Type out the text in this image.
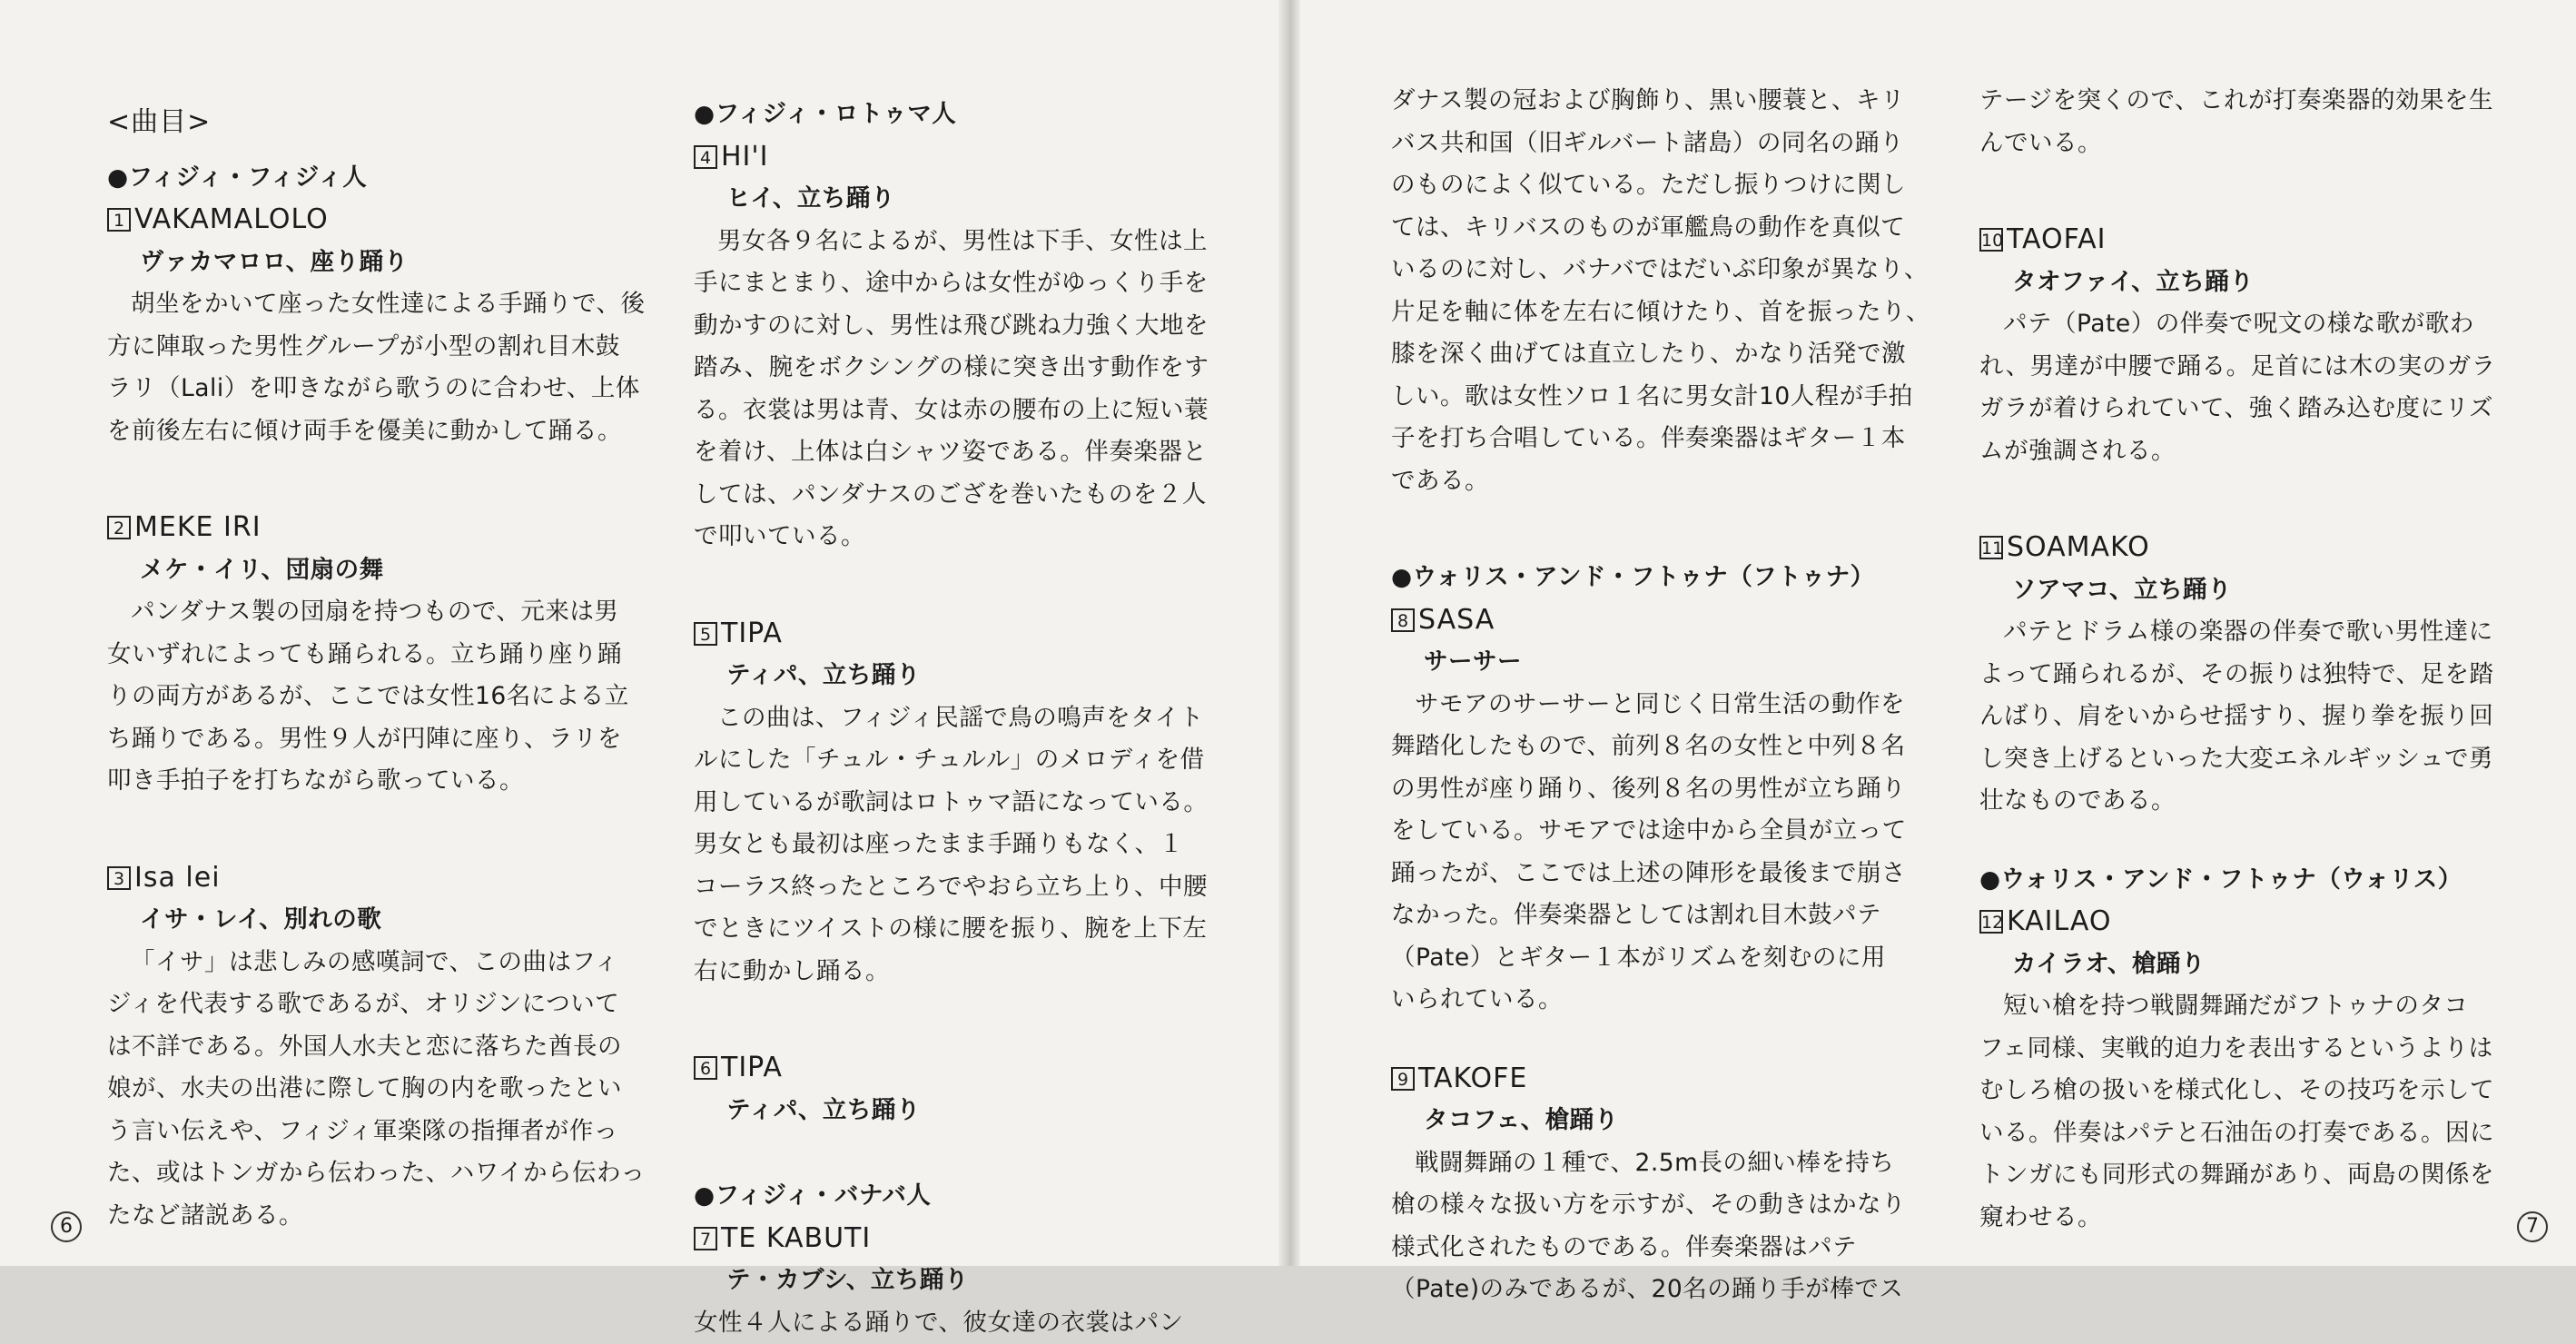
<曲目>

●フィジィ・フィジィ人

1 VAKAMALOLO

ヴァカマロロ、座り踊り

胡坐をかいて座った女性達による手踊りで、後

方に陣取った男性グループが小型の割れ目木鼓

ラリ（Lali）を叩きながら歌うのに合わせ、上体

を前後左右に傾け両手を優美に動かして踊る。

2 MEKE IRI

メケ・イリ、団扇の舞

パンダナス製の団扇を持つもので、元来は男

女いずれによっても踊られる。立ち踊り座り踊

りの両方があるが、ここでは女性16名による立

ち踊りである。男性９人が円陣に座り、ラリを

叩き手拍子を打ちながら歌っている。

3 Isa lei

イサ・レイ、別れの歌

「イサ」は悲しみの感嘆詞で、この曲はフィ

ジィを代表する歌であるが、オリジンについて

は不詳である。外国人水夫と恋に落ちた酋長の

娘が、水夫の出港に際して胸の内を歌ったとい

う言い伝えや、フィジィ軍楽隊の指揮者が作っ

た、或はトンガから伝わった、ハワイから伝わっ

たなど諸説ある。

●フィジィ・ロトゥマ人

4 HI'I

ヒイ、立ち踊り

男女各９名によるが、男性は下手、女性は上

手にまとまり、途中からは女性がゆっくり手を

動かすのに対し、男性は飛び跳ね力強く大地を

踏み、腕をボクシングの様に突き出す動作をす

る。衣裳は男は青、女は赤の腰布の上に短い蓑

を着け、上体は白シャツ姿である。伴奏楽器と

しては、パンダナスのござを巻いたものを２人

で叩いている。

5 TIPA

ティパ、立ち踊り

この曲は、フィジィ民謡で鳥の鳴声をタイト

ルにした「チュル・チュルル」のメロディを借

用しているが歌詞はロトゥマ語になっている。

男女とも最初は座ったまま手踊りもなく、１

コーラス終ったところでやおら立ち上り、中腰

でときにツイストの様に腰を振り、腕を上下左

右に動かし踊る。

6 TIPA

ティパ、立ち踊り

●フィジィ・バナバ人

7 TE KABUTI

テ・カブシ、立ち踊り

女性４人による踊りで、彼女達の衣裳はパン

ダナス製の冠および胸飾り、黒い腰蓑と、キリ

バス共和国（旧ギルバート諸島）の同名の踊り

のものによく似ている。ただし振りつけに関し

ては、キリバスのものが軍艦鳥の動作を真似て

いるのに対し、バナバではだいぶ印象が異なり、

片足を軸に体を左右に傾けたり、首を振ったり、

膝を深く曲げては直立したり、かなり活発で激

しい。歌は女性ソロ１名に男女計10人程が手拍

子を打ち合唱している。伴奏楽器はギター１本

である。

●ウォリス・アンド・フトゥナ（フトゥナ）

8 SASA

サーサー

サモアのサーサーと同じく日常生活の動作を

舞踏化したもので、前列８名の女性と中列８名

の男性が座り踊り、後列８名の男性が立ち踊り

をしている。サモアでは途中から全員が立って

踊ったが、ここでは上述の陣形を最後まで崩さ

なかった。伴奏楽器としては割れ目木鼓パテ

（Pate）とギター１本がリズムを刻むのに用

いられている。

9 TAKOFE

タコフェ、槍踊り

戦闘舞踊の１種で、2.5m長の細い棒を持ち

槍の様々な扱い方を示すが、その動きはかなり

様式化されたものである。伴奏楽器はパテ

（Pate)のみであるが、20名の踊り手が棒でス

テージを突くので、これが打奏楽器的効果を生

んでいる。

10 TAOFAI

タオファイ、立ち踊り

パテ（Pate）の伴奏で呪文の様な歌が歌わ

れ、男達が中腰で踊る。足首には木の実のガラ

ガラが着けられていて、強く踏み込む度にリズ

ムが強調される。

11 SOAMAKO

ソアマコ、立ち踊り

パテとドラム様の楽器の伴奏で歌い男性達に

よって踊られるが、その振りは独特で、足を踏

んばり、肩をいからせ揺すり、握り拳を振り回

し突き上げるといった大変エネルギッシュで勇

壮なものである。

●ウォリス・アンド・フトゥナ（ウォリス）

12 KAILAO

カイラオ、槍踊り

短い槍を持つ戦闘舞踊だがフトゥナのタコ

フェ同様、実戦的迫力を表出するというよりは

むしろ槍の扱いを様式化し、その技巧を示して

いる。伴奏はパテと石油缶の打奏である。因に

トンガにも同形式の舞踊があり、両島の関係を

窺わせる。

6	7
